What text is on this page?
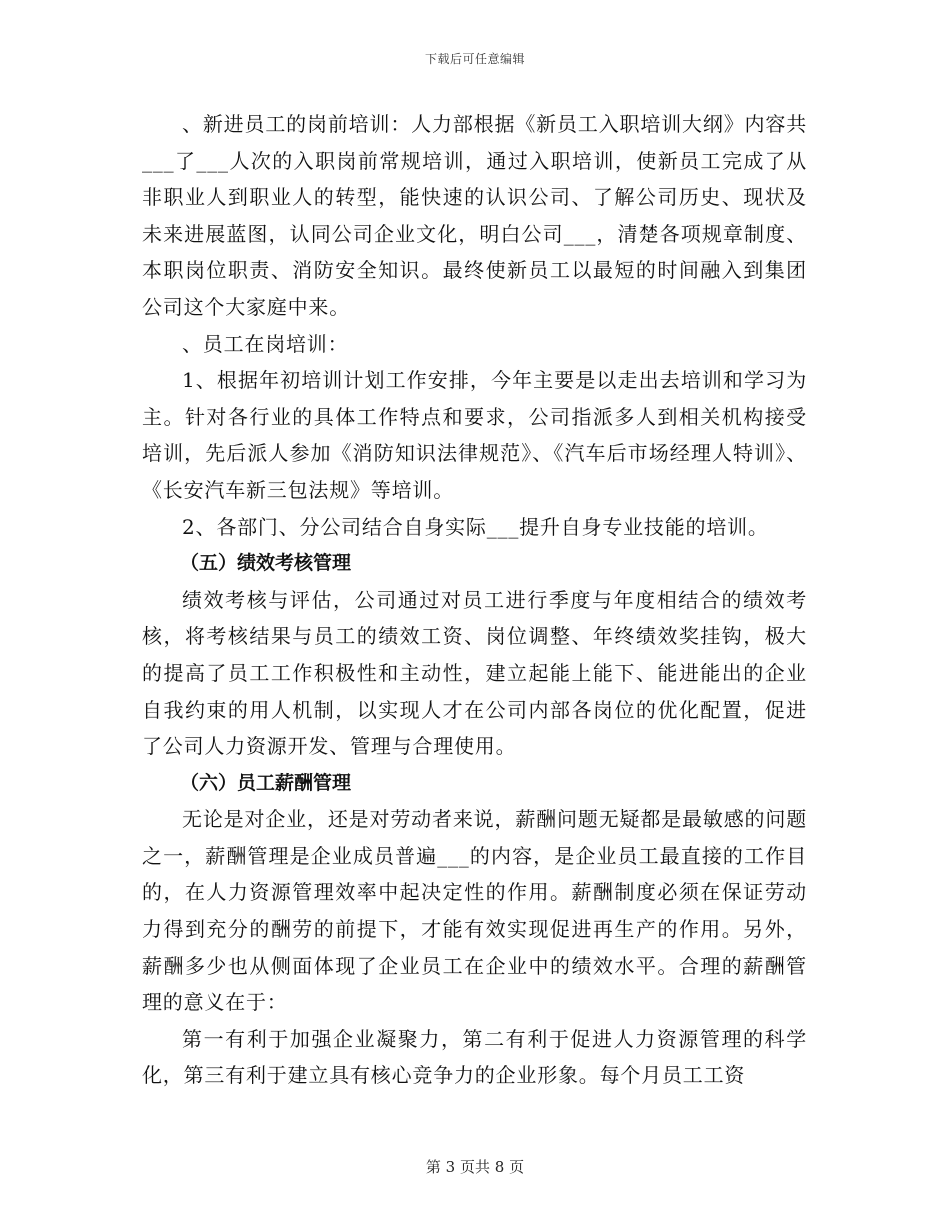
下载后可任意编辑

、新进员工的岗前培训：人力部根据《新员工入职培训大纲》内容共___了___人次的入职岗前常规培训，通过入职培训，使新员工完成了从非职业人到职业人的转型，能快速的认识公司、了解公司历史、现状及未来进展蓝图，认同公司企业文化，明白公司___，清楚各项规章制度、本职岗位职责、消防安全知识。最终使新员工以最短的时间融入到集团公司这个大家庭中来。

、员工在岗培训：

1、根据年初培训计划工作安排，今年主要是以走出去培训和学习为主。针对各行业的具体工作特点和要求，公司指派多人到相关机构接受培训，先后派人参加《消防知识法律规范》、《汽车后市场经理人特训》、《长安汽车新三包法规》等培训。

2、各部门、分公司结合自身实际___提升自身专业技能的培训。

（五）绩效考核管理

绩效考核与评估，公司通过对员工进行季度与年度相结合的绩效考核，将考核结果与员工的绩效工资、岗位调整、年终绩效奖挂钩，极大的提高了员工工作积极性和主动性，建立起能上能下、能进能出的企业自我约束的用人机制，以实现人才在公司内部各岗位的优化配置，促进了公司人力资源开发、管理与合理使用。

（六）员工薪酬管理

无论是对企业，还是对劳动者来说，薪酬问题无疑都是最敏感的问题之一，薪酬管理是企业成员普遍___的内容，是企业员工最直接的工作目的，在人力资源管理效率中起决定性的作用。薪酬制度必须在保证劳动力得到充分的酬劳的前提下，才能有效实现促进再生产的作用。另外，薪酬多少也从侧面体现了企业员工在企业中的绩效水平。合理的薪酬管理的意义在于：

第一有利于加强企业凝聚力，第二有利于促进人力资源管理的科学化，第三有利于建立具有核心竞争力的企业形象。每个月员工工资

第 3 页共 8 页
